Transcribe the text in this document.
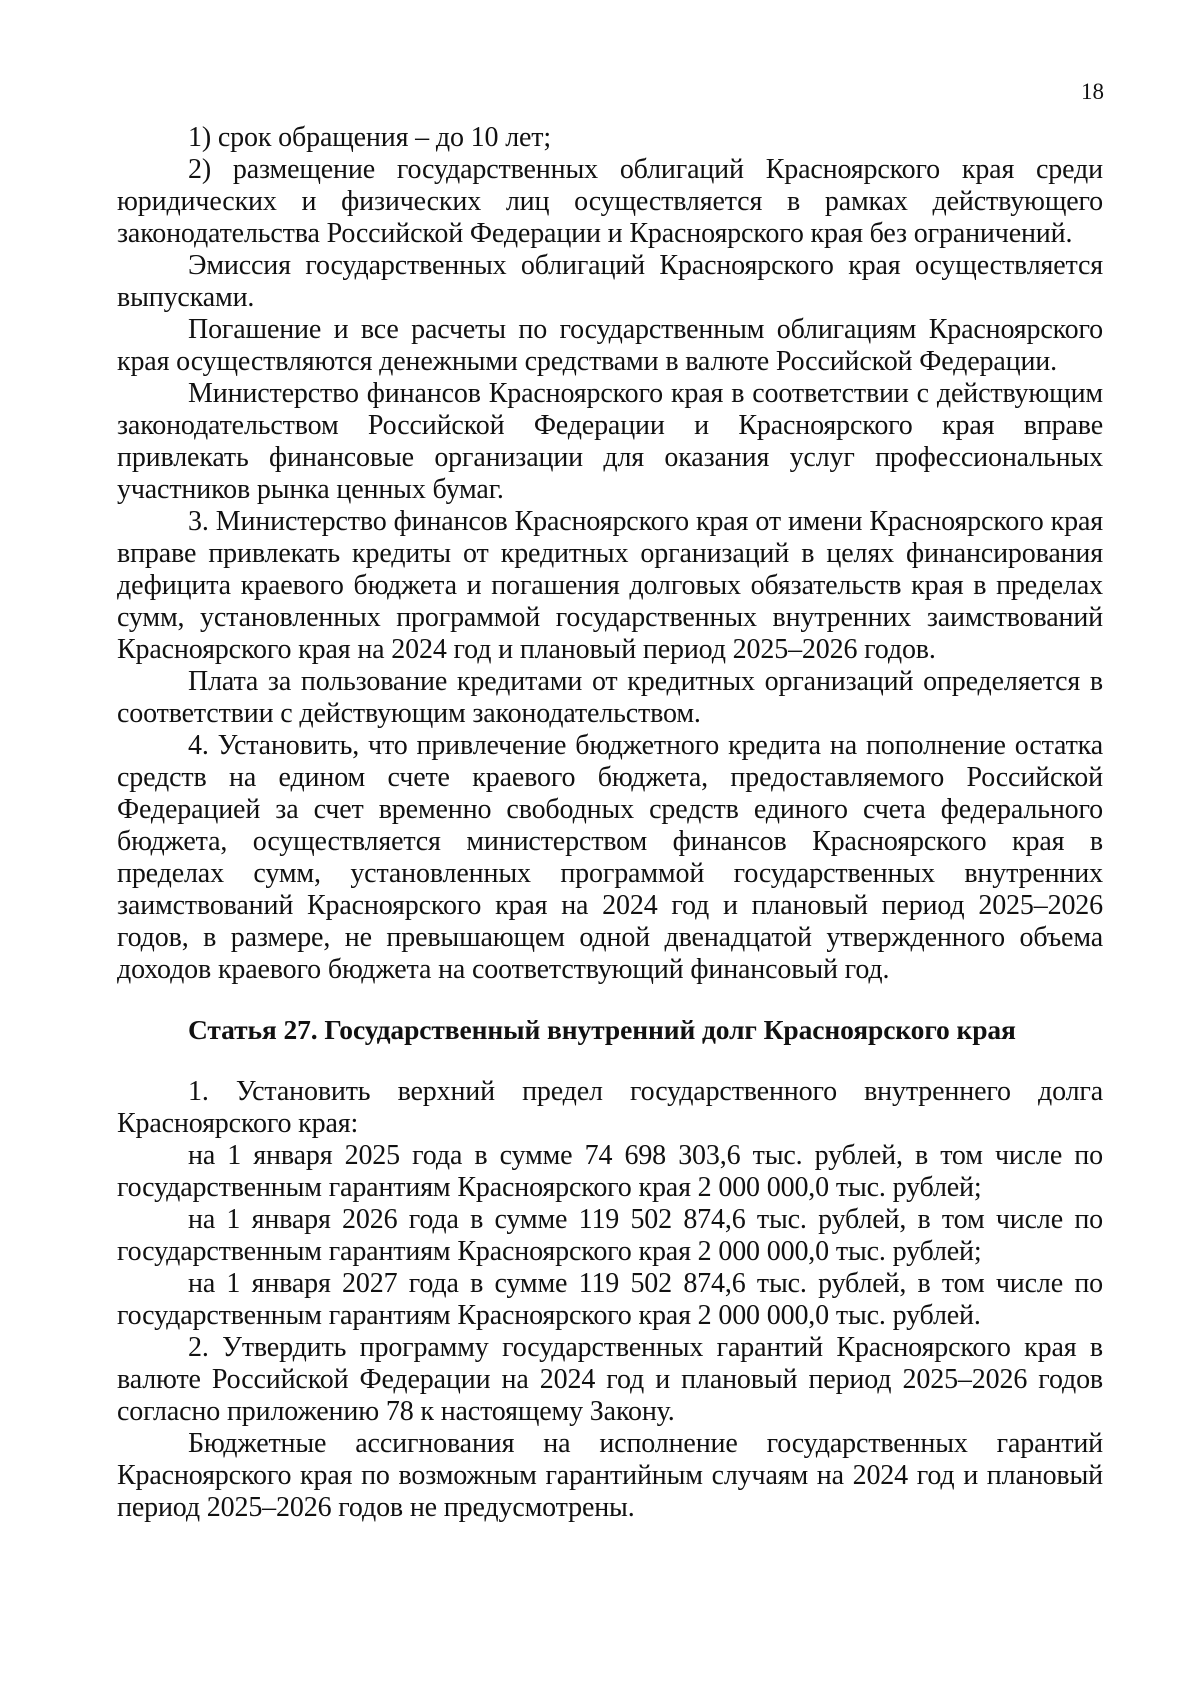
18

1) срок обращения – до 10 лет;

2) размещение государственных облигаций Красноярского края среди юридических и физических лиц осуществляется в рамках действующего законодательства Российской Федерации и Красноярского края без ограничений.

Эмиссия государственных облигаций Красноярского края осуществляется выпусками.

Погашение и все расчеты по государственным облигациям Красноярского края осуществляются денежными средствами в валюте Российской Федерации.

Министерство финансов Красноярского края в соответствии с действующим законодательством Российской Федерации и Красноярского края вправе привлекать финансовые организации для оказания услуг профессиональных участников рынка ценных бумаг.

3. Министерство финансов Красноярского края от имени Красноярского края вправе привлекать кредиты от кредитных организаций в целях финансирования дефицита краевого бюджета и погашения долговых обязательств края в пределах сумм, установленных программой государственных внутренних заимствований Красноярского края на 2024 год и плановый период 2025–2026 годов.

Плата за пользование кредитами от кредитных организаций определяется в соответствии с действующим законодательством.

4. Установить, что привлечение бюджетного кредита на пополнение остатка средств на едином счете краевого бюджета, предоставляемого Российской Федерацией за счет временно свободных средств единого счета федерального бюджета, осуществляется министерством финансов Красноярского края в пределах сумм, установленных программой государственных внутренних заимствований Красноярского края на 2024 год и плановый период 2025–2026 годов, в размере, не превышающем одной двенадцатой утвержденного объема доходов краевого бюджета на соответствующий финансовый год.

Статья 27. Государственный внутренний долг Красноярского края

1. Установить верхний предел государственного внутреннего долга Красноярского края:

на 1 января 2025 года в сумме 74 698 303,6 тыс. рублей, в том числе по государственным гарантиям Красноярского края 2 000 000,0 тыс. рублей;

на 1 января 2026 года в сумме 119 502 874,6 тыс. рублей, в том числе по государственным гарантиям Красноярского края 2 000 000,0 тыс. рублей;

на 1 января 2027 года в сумме 119 502 874,6 тыс. рублей, в том числе по государственным гарантиям Красноярского края 2 000 000,0 тыс. рублей.

2. Утвердить программу государственных гарантий Красноярского края в валюте Российской Федерации на 2024 год и плановый период 2025–2026 годов согласно приложению 78 к настоящему Закону.

Бюджетные ассигнования на исполнение государственных гарантий Красноярского края по возможным гарантийным случаям на 2024 год и плановый период 2025–2026 годов не предусмотрены.
